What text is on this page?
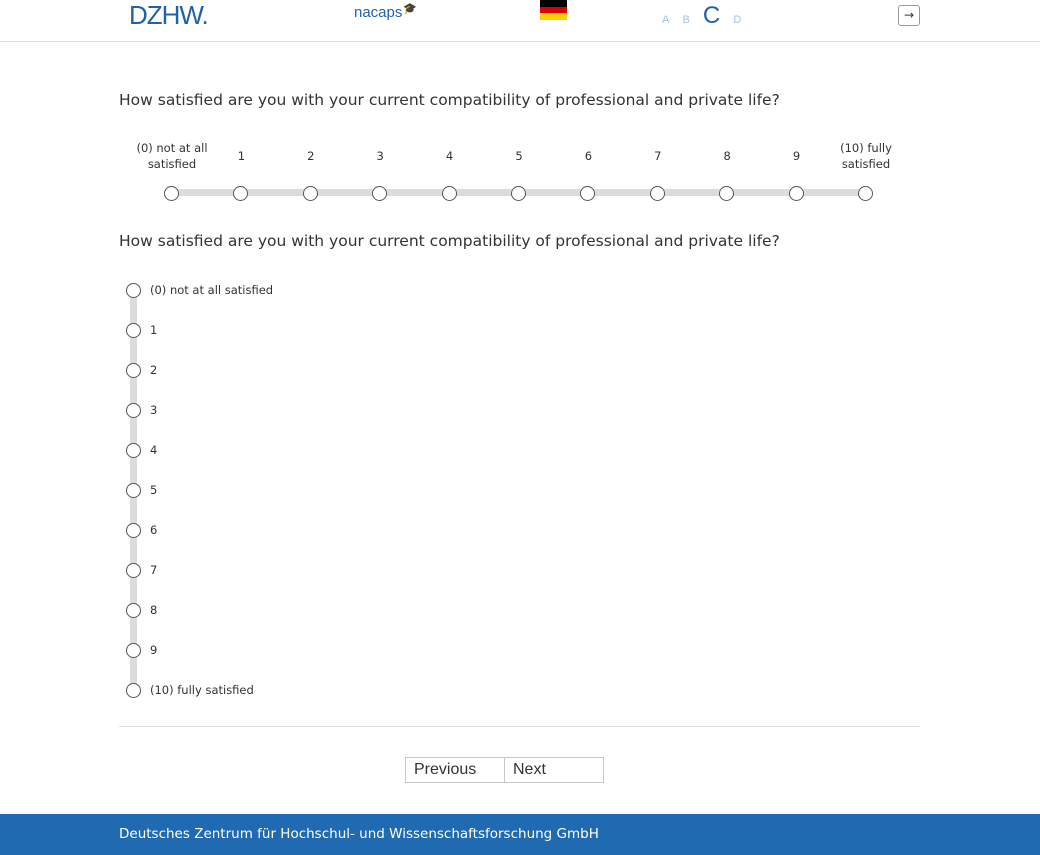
DZHW.	nacaps🎓
A B C D	→
How satisfied are you with your current compatibility of professional and private life?
(0) not at all satisfied
1	2	3	4	5	6	7	8	9
(10) fully satisfied
How satisfied are you with your current compatibility of professional and private life?
(0) not at all satisfied
1
2
3
4
5
6
7
8
9
(10) fully satisfied
Previous	Next
Deutsches Zentrum für Hochschul- und Wissenschaftsforschung GmbH
